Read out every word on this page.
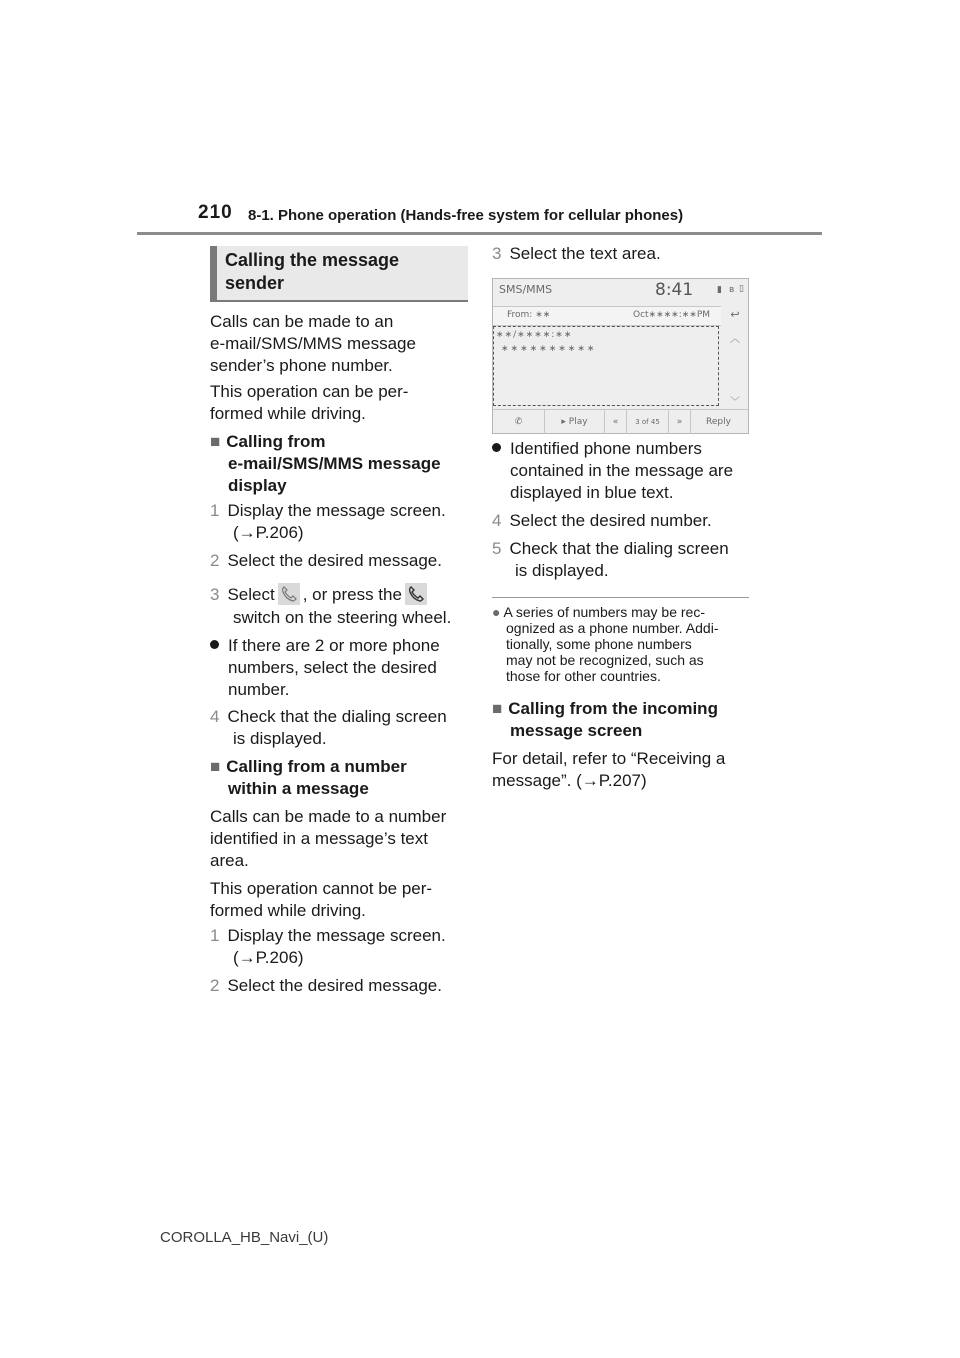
210 8-1. Phone operation (Hands-free system for cellular phones)
Calling the message
sender

Calls can be made to an

e-mail/SMS/MMS message

sender’s phone number.

This operation can be per-

formed while driving.

■ Calling from

e-mail/SMS/MMS message

display

1 Display the message screen.

(→P.206)

2 Select the desired message.

3 Select , or press the

switch on the steering wheel.

If there are 2 or more phone

numbers, select the desired

number.

4 Check that the dialing screen

is displayed.

■ Calling from a number

within a message

Calls can be made to a number

identified in a message’s text

area.

This operation cannot be per-

formed while driving.

1 Display the message screen.

(→P.206)

2 Select the desired message.

3 Select the text area.

SMS/MMS	8:41	▮ ʙ ▯
From: ∗∗	Oct∗∗∗∗:∗∗PM	↩
∗∗/∗∗∗∗:∗∗
∗∗∗∗∗∗∗∗∗∗
︿
﹀
✆	▸ Play	«	3 of 45	»	Reply

Identified phone numbers

contained in the message are

displayed in blue text.

4 Select the desired number.

5 Check that the dialing screen

is displayed.

● A series of numbers may be rec-

ognized as a phone number. Addi-

tionally, some phone numbers

may not be recognized, such as

those for other countries.

■ Calling from the incoming

message screen

For detail, refer to “Receiving a

message”. (→P.207)

COROLLA_HB_Navi_(U)
